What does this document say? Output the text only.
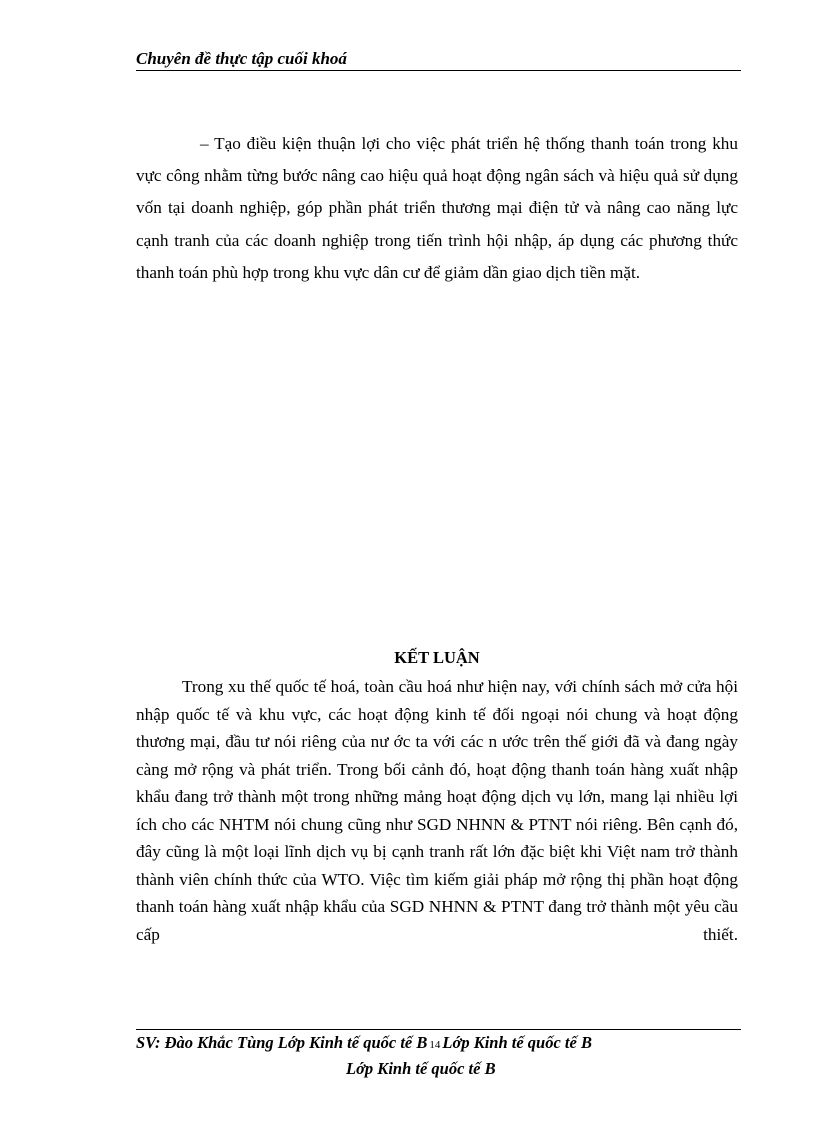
Chuyên đề thực tập cuối khoá

– Tạo điều kiện thuận lợi cho việc phát triển hệ thống thanh toán trong khu vực công nhằm từng bước nâng cao hiệu quả hoạt động ngân sách và hiệu quả sử dụng vốn tại doanh nghiệp, góp phần phát triển thương mại điện tử và nâng cao năng lực cạnh tranh của các doanh nghiệp trong tiến trình hội nhập, áp dụng các phương thức thanh toán phù hợp trong khu vực dân cư để giảm dần giao dịch tiền mặt.

KẾT LUẬN

Trong xu thế quốc tế hoá, toàn cầu hoá như hiện nay, với chính sách mở cửa hội nhập quốc tế và khu vực, các hoạt động kinh tế đối ngoại nói chung và hoạt động thương mại, đầu tư nói riêng của nư ớc ta với các n ước trên thế giới đã và đang ngày càng mở rộng và phát triển. Trong bối cảnh đó, hoạt động thanh toán hàng xuất nhập khẩu đang trở thành một trong những mảng hoạt động dịch vụ lớn, mang lại nhiều lợi ích cho các NHTM nói chung cũng như SGD NHNN & PTNT nói riêng. Bên cạnh đó, đây cũng là một loại lĩnh dịch vụ bị cạnh tranh rất lớn đặc biệt khi Việt nam trở thành thành viên chính thức của WTO. Việc tìm kiếm giải pháp mở rộng thị phần hoạt động thanh toán hàng xuất nhập khẩu của SGD NHNN & PTNT đang trở thành một yêu cầu cấp thiết.

SV: Đào Khắc Tùng Lớp Kinh tế quốc tế B 14 Lớp Kinh tế quốc tế B
Lớp Kinh tế quốc tế B
